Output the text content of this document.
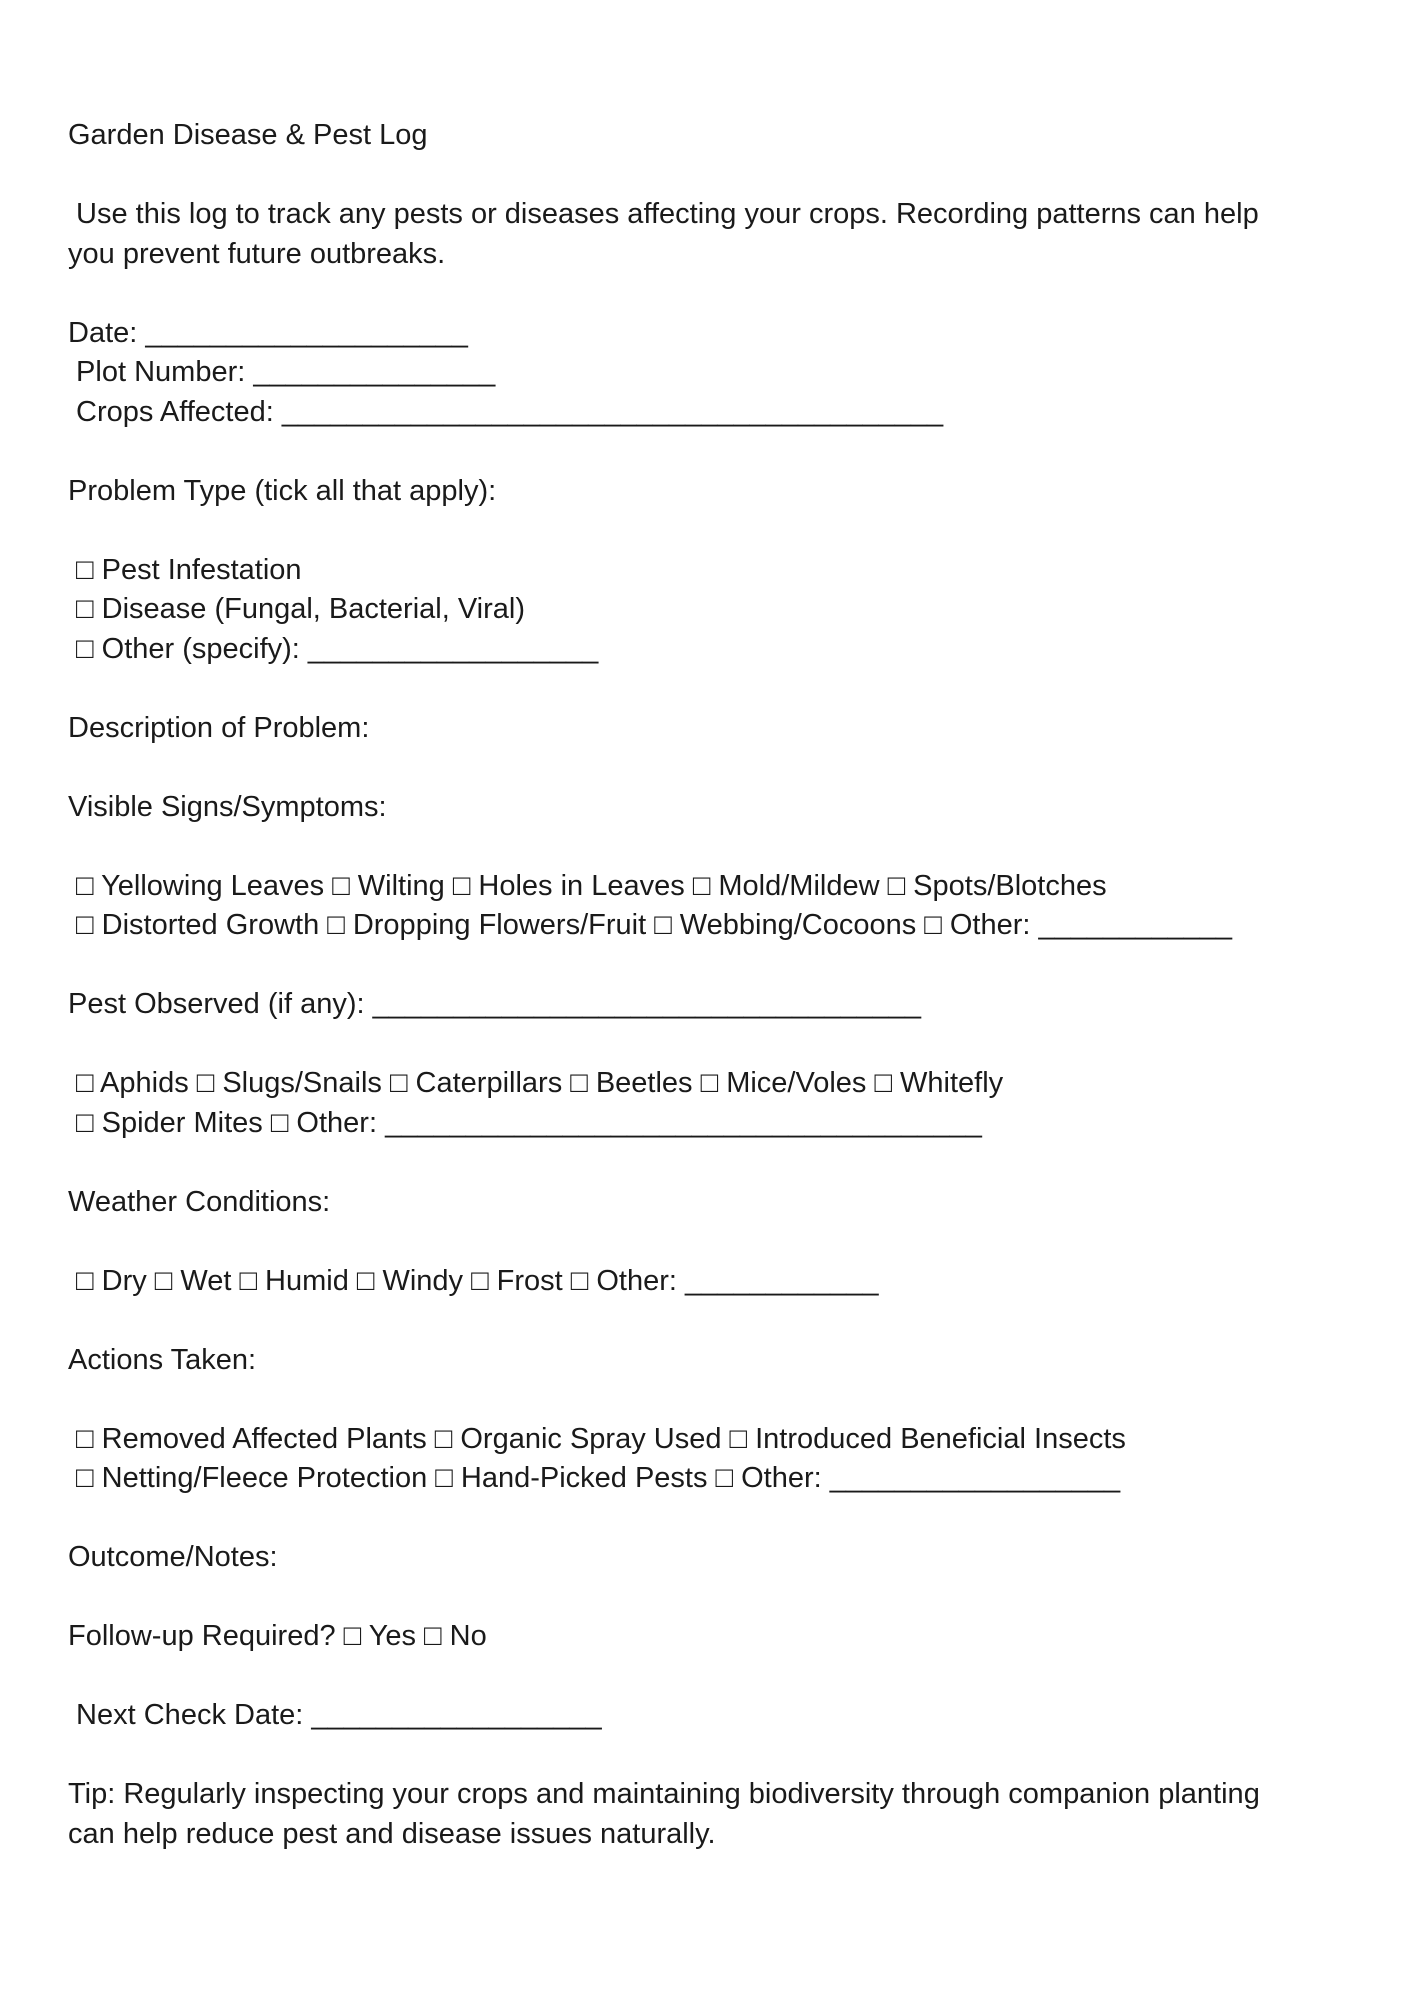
Garden Disease & Pest Log
Use this log to track any pests or diseases affecting your crops. Recording patterns can help
you prevent future outbreaks.
Date: ____________________
Plot Number: _______________
Crops Affected: _________________________________________
Problem Type (tick all that apply):
□ Pest Infestation
□ Disease (Fungal, Bacterial, Viral)
□ Other (specify): __________________
Description of Problem:
Visible Signs/Symptoms:
□ Yellowing Leaves □ Wilting □ Holes in Leaves □ Mold/Mildew □ Spots/Blotches
□ Distorted Growth □ Dropping Flowers/Fruit □ Webbing/Cocoons □ Other: ____________
Pest Observed (if any): __________________________________
□ Aphids □ Slugs/Snails □ Caterpillars □ Beetles □ Mice/Voles □ Whitefly
□ Spider Mites □ Other: _____________________________________
Weather Conditions:
□ Dry □ Wet □ Humid □ Windy □ Frost □ Other: ____________
Actions Taken:
□ Removed Affected Plants □ Organic Spray Used □ Introduced Beneficial Insects
□ Netting/Fleece Protection □ Hand-Picked Pests □ Other: __________________
Outcome/Notes:
Follow-up Required? □ Yes □ No
Next Check Date: __________________
Tip: Regularly inspecting your crops and maintaining biodiversity through companion planting
can help reduce pest and disease issues naturally.
